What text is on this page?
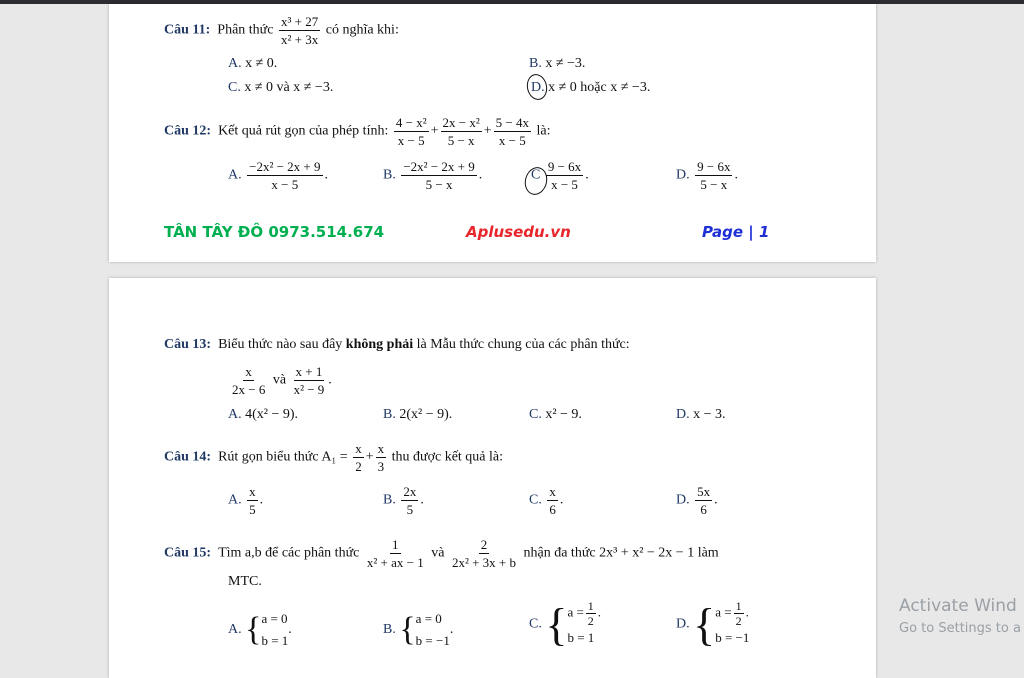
Câu 11: Phân thức $\frac{\text{x³ + 27}}{\text{x² + 3x}}$ có nghĩa khi:
A. x ≠ 0.	B. x ≠ −3.
C. x ≠ 0 và x ≠ −3.	D. x ≠ 0 hoặc x ≠ −3.
Câu 12: Kết quả rút gọn của phép tính: $\frac{\text{4 − x²}}{x - 5} + \frac{\text{2x − x²}}{5 - x} + \frac{5 - 4x}{x - 5}$ là:
A. $\frac{\text{−2x² − 2x + 9}}{x - 5}$ .	B. $\frac{\text{−2x² − 2x + 9}}{5 - x}$ .	C $\frac{9 - 6x}{x - 5}$ .	D. $\frac{9 - 6x}{5 - x}$ .
TÂN TÂY ĐÔ 0973.514.674	Aplusedu.vn	Page | 1
Câu 13: Biểu thức nào sau đây không phải là Mẫu thức chung của các phân thức:
$\frac{x}{2x - 6}$ và $\frac{x + 1}{\text{x² − 9}}$ .
A. 4(x² − 9).	B. 2(x² − 9).	C. x² − 9.	D. x − 3.
Câu 14: Rút gọn biểu thức $A_1 = \frac{x}{2} + \frac{x}{3}$ thu được kết quả là:
A. $\frac{x}{5}$ .	B. $\frac{2x}{5}$ .	C. $\frac{x}{6}$ .	D. $\frac{5x}{6}$ .
Câu 15: Tìm a,b để các phân thức $\frac{1}{\text{x² + ax − 1}}$ và $\frac{2}{\text{2x² + 3x + b}}$ nhận đa thức 2x³ + x² − 2x − 1 làm
MTC.
A. { a = 0
b = 1
.	B. { a = 0
b = −1
.	C. { $a = \frac{1}{2}$ .
b = 1
D. { $a = \frac{1}{2}$ .
b = −1
Activate Wind
Go to Settings to a
